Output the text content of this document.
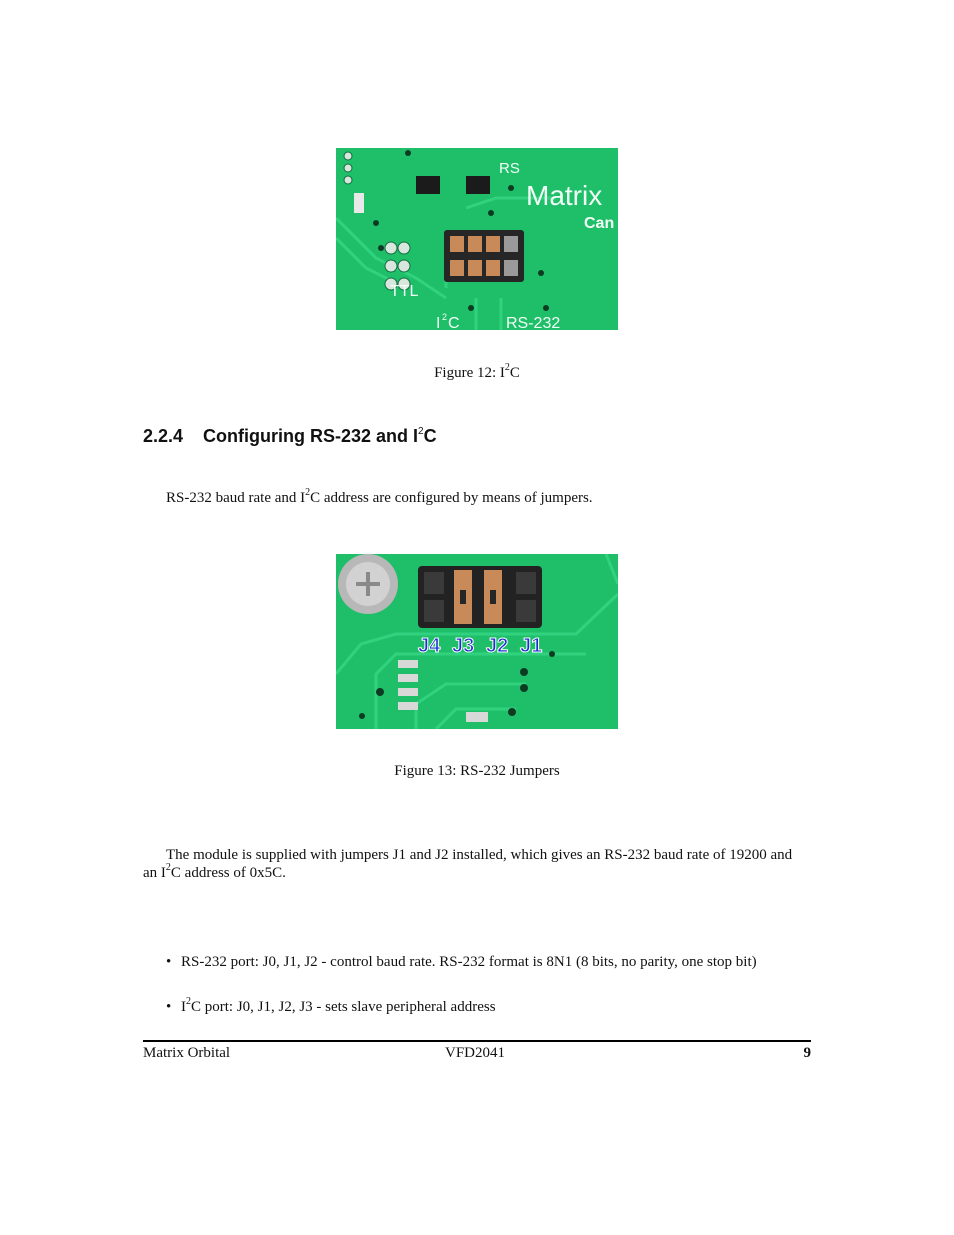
RS
Matrix
Can
TTL
I 2 C	RS-232
Figure 12: $I^2C$
2.2.4 Configuring RS-232 and $I^2C$
RS-232 baud rate and $I^2C$ address are configured by means of jumpers.
J4 J3 J2 J1
Figure 13: RS-232 Jumpers
The module is supplied with jumpers J1 and J2 installed, which gives an RS-232 baud rate of 19200 and
an $I^2C$ address of 0x5C.
• RS-232 port: J0, J1, J2 - control baud rate. RS-232 format is 8N1 (8 bits, no parity, one stop bit)
• $I^2C$ port: J0, J1, J2, J3 - sets slave peripheral address
Matrix Orbital	VFD2041	9
